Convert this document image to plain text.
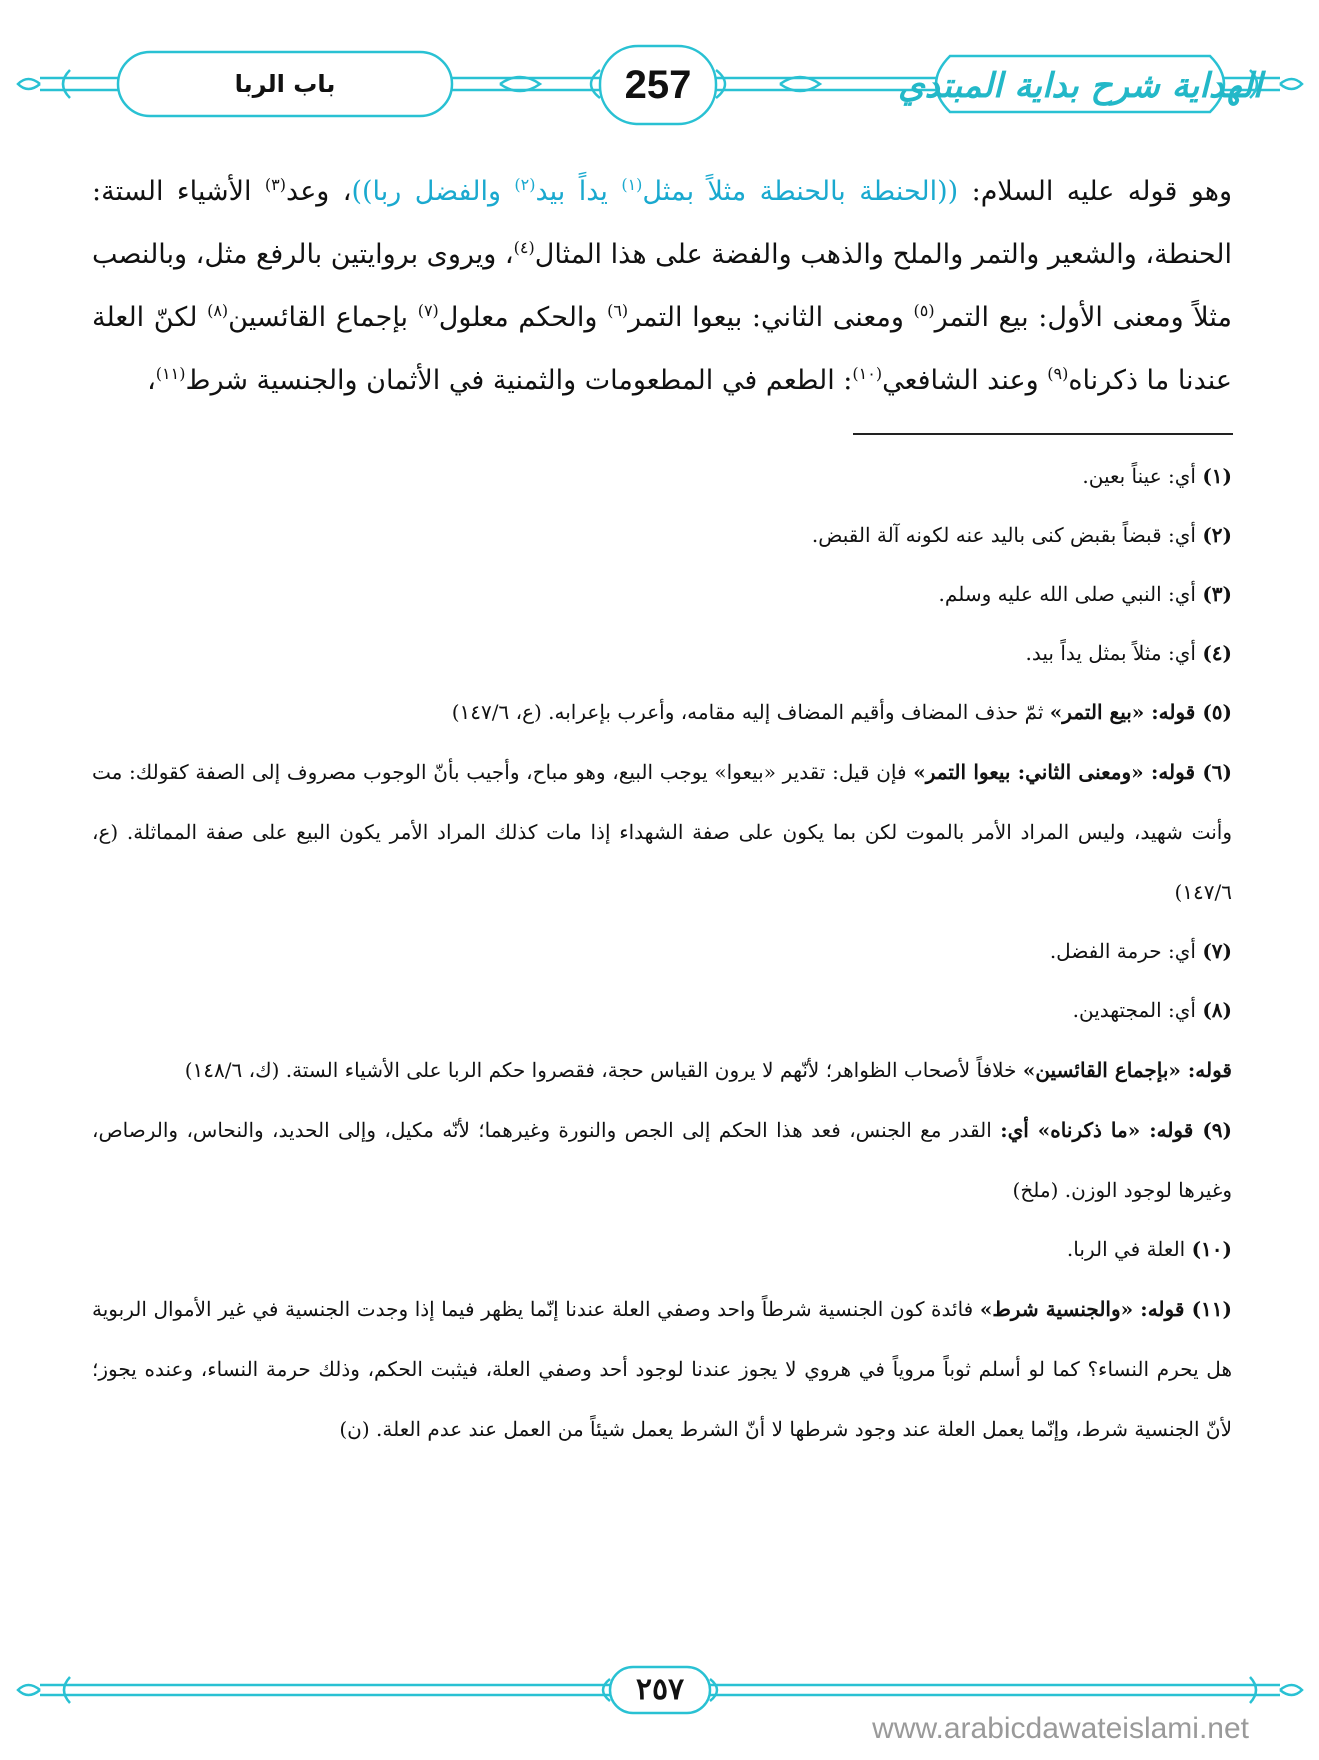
الهداية شرح بداية المبتدي
257
باب الربا

وهو قوله عليه السلام: ((الحنطة بالحنطة مثلاً بمثل$^{(١)}$ يداً بيد$^{(٢)}$ والفضل ربا))، وعد$^{(٣)}$ الأشياء الستة: الحنطة، والشعير والتمر والملح والذهب والفضة على هذا المثال$^{(٤)}$، ويروى بروايتين بالرفع مثل، وبالنصب مثلاً ومعنى الأول: بيع التمر$^{(٥)}$ ومعنى الثاني: بيعوا التمر$^{(٦)}$ والحكم معلول$^{(٧)}$ بإجماع القائسين$^{(٨)}$ لكنّ العلة عندنا ما ذكرناه$^{(٩)}$ وعند الشافعي$^{(١٠)}$: الطعم في المطعومات والثمنية في الأثمان والجنسية شرط$^{(١١)}$،

(١) أي: عيناً بعين.

(٢) أي: قبضاً بقبض كنى باليد عنه لكونه آلة القبض.

(٣) أي: النبي صلى الله عليه وسلم.

(٤) أي: مثلاً بمثل يداً بيد.

(٥) قوله: «بيع التمر» ثمّ حذف المضاف وأقيم المضاف إليه مقامه، وأعرب بإعرابه. (ع، ١٤٧/٦)

(٦) قوله: «ومعنى الثاني: بيعوا التمر» فإن قيل: تقدير «بيعوا» يوجب البيع، وهو مباح، وأجيب بأنّ الوجوب مصروف إلى الصفة كقولك: مت وأنت شهيد، وليس المراد الأمر بالموت لكن بما يكون على صفة الشهداء إذا مات كذلك المراد الأمر يكون البيع على صفة المماثلة. (ع، ١٤٧/٦)

(٧) أي: حرمة الفضل.

(٨) أي: المجتهدين.

قوله: «بإجماع القائسين» خلافاً لأصحاب الظواهر؛ لأنّهم لا يرون القياس حجة، فقصروا حكم الربا على الأشياء الستة. (ك، ١٤٨/٦)

(٩) قوله: «ما ذكرناه» أي: القدر مع الجنس، فعد هذا الحكم إلى الجص والنورة وغيرهما؛ لأنّه مكيل، وإلى الحديد، والنحاس، والرصاص، وغيرها لوجود الوزن. (ملخ)

(١٠) العلة في الربا.

(١١) قوله: «والجنسية شرط» فائدة كون الجنسية شرطاً واحد وصفي العلة عندنا إنّما يظهر فيما إذا وجدت الجنسية في غير الأموال الربوية هل يحرم النساء؟ كما لو أسلم ثوباً مروياً في هروي لا يجوز عندنا لوجود أحد وصفي العلة، فيثبت الحكم، وذلك حرمة النساء، وعنده يجوز؛ لأنّ الجنسية شرط، وإنّما يعمل العلة عند وجود شرطها لا أنّ الشرط يعمل شيئاً من العمل عند عدم العلة. (ن)

٢٥٧
www.arabicdawateislami.net
